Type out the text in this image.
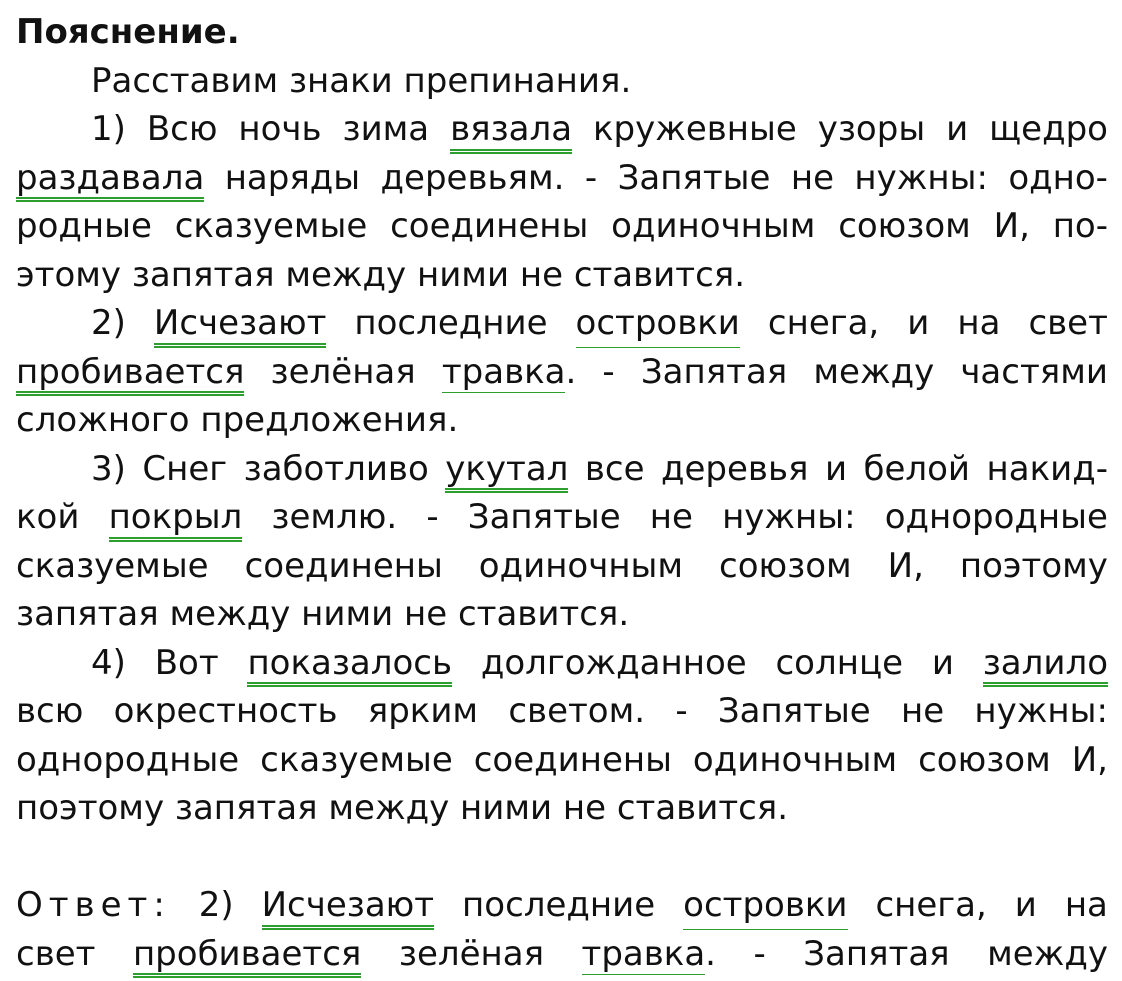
Пояснение.
Расставим знаки препинания.
1) Всю ночь зима вязала кружевные узоры и щедро
раздавала наряды деревьям. - Запятые не нужны: одно-
родные сказуемые соединены одиночным союзом И, по-
этому запятая между ними не ставится.
2) Исчезают последние островки снега, и на свет
пробивается зелёная травка. - Запятая между частями
сложного предложения.
3) Снег заботливо укутал все деревья и белой накид-
кой покрыл землю. - Запятые не нужны: однородные
сказуемые соединены одиночным союзом И, поэтому
запятая между ними не ставится.
4) Вот показалось долгожданное солнце и залило
всю окрестность ярким светом. - Запятые не нужны:
однородные сказуемые соединены одиночным союзом И,
поэтому запятая между ними не ставится.
Ответ: 2) Исчезают последние островки снега, и на
свет пробивается зелёная травка. - Запятая между
